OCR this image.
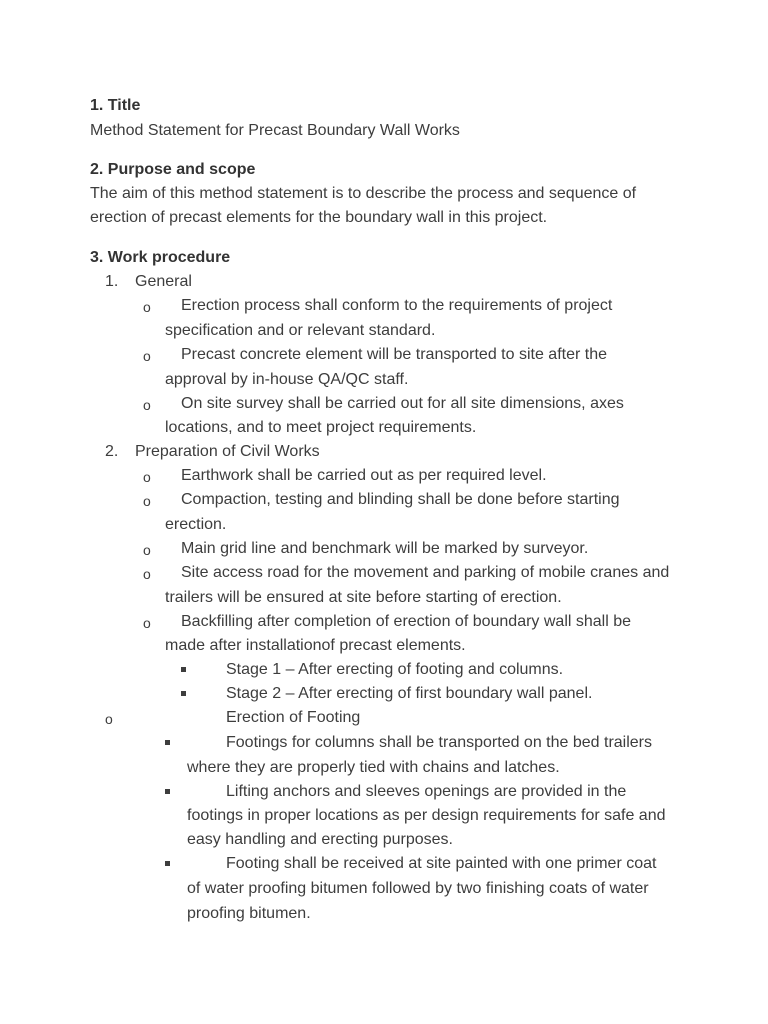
1. Title
Method Statement for Precast Boundary Wall Works
2. Purpose and scope
The aim of this method statement is to describe the process and sequence of
erection of precast elements for the boundary wall in this project.
3. Work procedure
1. General
o Erection process shall conform to the requirements of project
specification and or relevant standard.
o Precast concrete element will be transported to site after the
approval by in-house QA/QC staff.
o On site survey shall be carried out for all site dimensions, axes
locations, and to meet project requirements.
2. Preparation of Civil Works
o Earthwork shall be carried out as per required level.
o Compaction, testing and blinding shall be done before starting
erection.
o Main grid line and benchmark will be marked by surveyor.
o Site access road for the movement and parking of mobile cranes and
trailers will be ensured at site before starting of erection.
o Backfilling after completion of erection of boundary wall shall be
made after installationof precast elements.
Stage 1 – After erecting of footing and columns.
Stage 2 – After erecting of first boundary wall panel.
o	Erection of Footing
Footings for columns shall be transported on the bed trailers
where they are properly tied with chains and latches.
Lifting anchors and sleeves openings are provided in the
footings in proper locations as per design requirements for safe and
easy handling and erecting purposes.
Footing shall be received at site painted with one primer coat
of water proofing bitumen followed by two finishing coats of water
proofing bitumen.
